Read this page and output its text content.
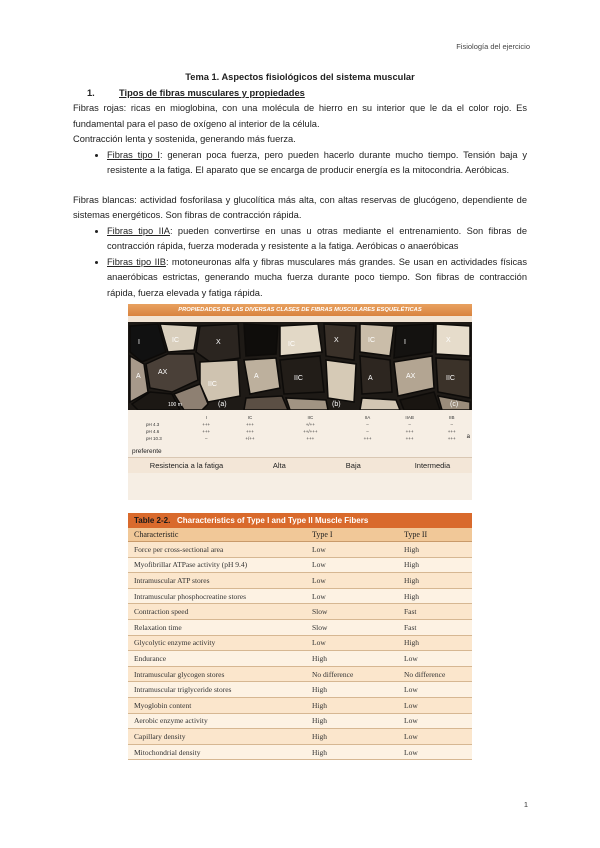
Fisiología del ejercicio

Tema 1. Aspectos fisiológicos del sistema muscular

1.	Tipos de fibras musculares y propiedades

Fibras rojas: ricas en mioglobina, con una molécula de hierro en su interior que le da el color rojo. Es fundamental para el paso de oxígeno al interior de la célula.

Contracción lenta y sostenida, generando más fuerza.

• Fibras tipo I: generan poca fuerza, pero pueden hacerlo durante mucho tiempo. Tensión baja y resistente a la fatiga. El aparato que se encarga de producir energía es la mitocondria. Aeróbicas.

Fibras blancas: actividad fosforilasa y glucolítica más alta, con altas reservas de glucógeno, dependiente de sistemas energéticos. Son fibras de contracción rápida.

• Fibras tipo IIA: pueden convertirse en unas u otras mediante el entrenamiento. Son fibras de contracción rápida, fuerza moderada y resistente a la fatiga. Aeróbicas o anaeróbicas
• Fibras tipo IIB: motoneuronas alfa y fibras musculares más grandes. Se usan en actividades físicas anaeróbicas estrictas, generando mucha fuerza durante poco tiempo. Son fibras de contracción rápida, fuerza elevada y fatiga rápida.
PROPIEDADES DE LAS DIVERSAS CLASES DE FIBRAS MUSCULARES ESQUELÉTICAS
I	IC	X
AX
A
IIC
IC
A	IIC
X	IC	I	X
A	AX	IIC
(a)	(b)	(c)
100 m
	I	IC	IIC	IIA	IIAB	IIB
pH 4.3	+++	+++	+/++	–	–	–
pH 4.6	+++	+++	++/+++	–	+++	+++
pH 10.3	–	+/++	+++	+++	+++	+++ a
preferente
Resistencia a la fatiga	Alta	Baja	Intermedia
Table 2-2. Characteristics of Type I and Type II Muscle Fibers		
Characteristic	Type I	Type II
Force per cross-sectional area	Low	High
Myofibrillar ATPase activity (pH 9.4)	Low	High
Intramuscular ATP stores	Low	High
Intramuscular phosphocreatine stores	Low	High
Contraction speed	Slow	Fast
Relaxation time	Slow	Fast
Glycolytic enzyme activity	Low	High
Endurance	High	Low
Intramuscular glycogen stores	No difference	No difference
Intramuscular triglyceride stores	High	Low
Myoglobin content	High	Low
Aerobic enzyme activity	High	Low
Capillary density	High	Low
Mitochondrial density	High	Low
1
